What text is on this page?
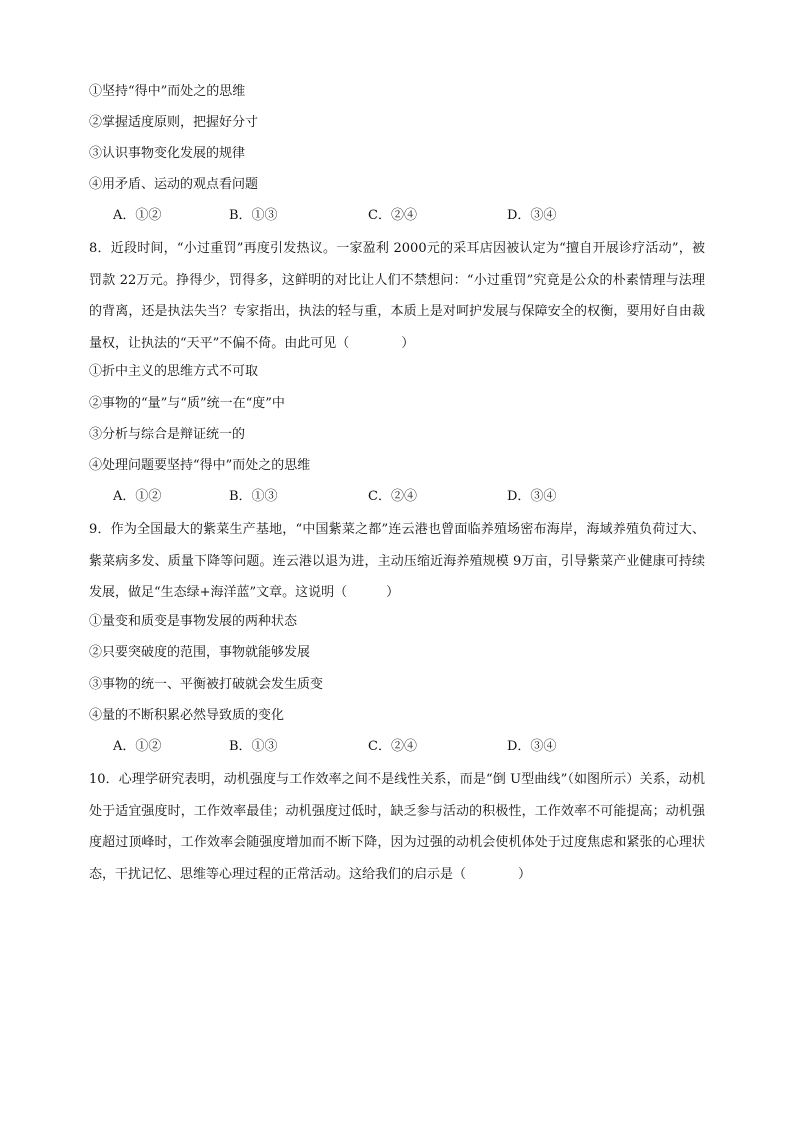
①坚持“得中”而处之的思维
②掌握适度原则，把握好分寸
③认识事物变化发展的规律
④用矛盾、运动的观点看问题
A．①②	B．①③	C．②④	D．③④
8．近段时间，“小过重罚”再度引发热议。一家盈利 2000元的采耳店因被认定为“擅自开展诊疗活动”，被罚款 22万元。挣得少，罚得多，这鲜明的对比让人们不禁想问：“小过重罚”究竟是公众的朴素情理与法理的背离，还是执法失当？专家指出，执法的轻与重，本质上是对呵护发展与保障安全的权衡，要用好自由裁量权，让执法的“天平”不偏不倚。由此可见（　　　　）
①折中主义的思维方式不可取
②事物的“量”与“质”统一在“度”中
③分析与综合是辩证统一的
④处理问题要坚持“得中”而处之的思维
A．①②	B．①③	C．②④	D．③④
9．作为全国最大的紫菜生产基地，“中国紫菜之都”连云港也曾面临养殖场密布海岸，海域养殖负荷过大、紫菜病多发、质量下降等问题。连云港以退为进，主动压缩近海养殖规模 9万亩，引导紫菜产业健康可持续发展，做足“生态绿+海洋蓝”文章。这说明（　　　）
①量变和质变是事物发展的两种状态
②只要突破度的范围，事物就能够发展
③事物的统一、平衡被打破就会发生质变
④量的不断积累必然导致质的变化
A．①②	B．①③	C．②④	D．③④
10．心理学研究表明，动机强度与工作效率之间不是线性关系，而是“倒 U型曲线”（如图所示）关系，动机处于适宜强度时，工作效率最佳；动机强度过低时，缺乏参与活动的积极性，工作效率不可能提高；动机强度超过顶峰时，工作效率会随强度增加而不断下降，因为过强的动机会使机体处于过度焦虑和紧张的心理状态，干扰记忆、思维等心理过程的正常活动。这给我们的启示是（　　　　）
